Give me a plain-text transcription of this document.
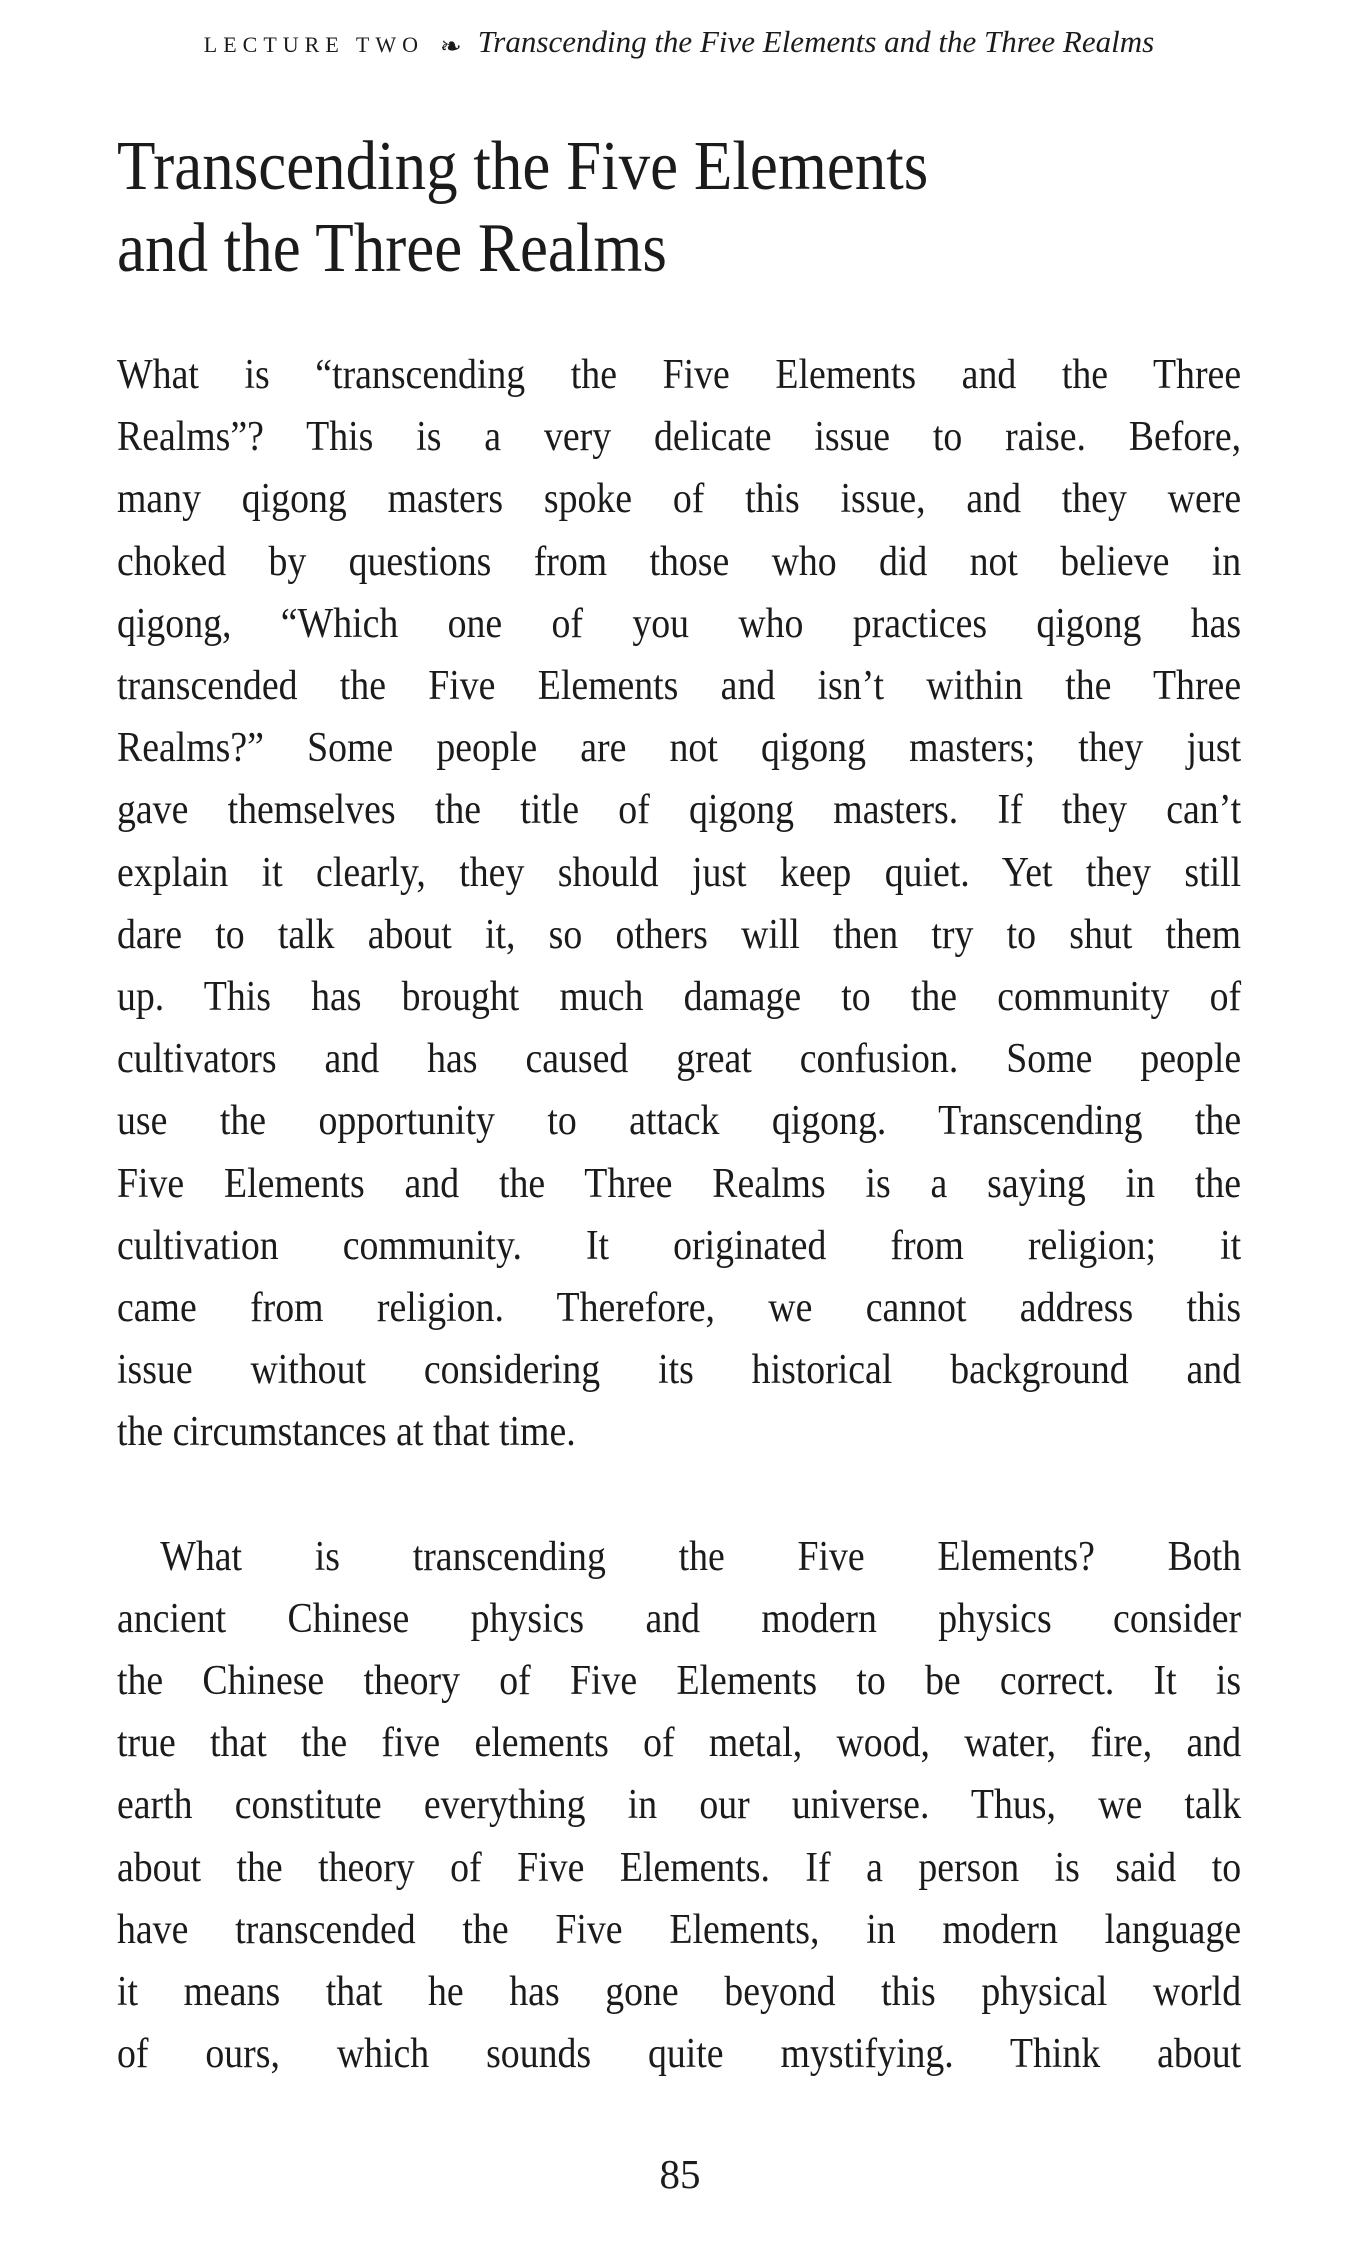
LECTURE TWO ❧ Transcending the Five Elements and the Three Realms
Transcending the Five Elements
and the Three Realms
What is “transcending the Five Elements and the Three
Realms”? This is a very delicate issue to raise. Before,
many qigong masters spoke of this issue, and they were
choked by questions from those who did not believe in
qigong, “Which one of you who practices qigong has
transcended the Five Elements and isn’t within the Three
Realms?” Some people are not qigong masters; they just
gave themselves the title of qigong masters. If they can’t
explain it clearly, they should just keep quiet. Yet they still
dare to talk about it, so others will then try to shut them
up. This has brought much damage to the community of
cultivators and has caused great confusion. Some people
use the opportunity to attack qigong. Transcending the
Five Elements and the Three Realms is a saying in the
cultivation community. It originated from religion; it
came from religion. Therefore, we cannot address this
issue without considering its historical background and
the circumstances at that time.
What is transcending the Five Elements? Both
ancient Chinese physics and modern physics consider
the Chinese theory of Five Elements to be correct. It is
true that the five elements of metal, wood, water, fire, and
earth constitute everything in our universe. Thus, we talk
about the theory of Five Elements. If a person is said to
have transcended the Five Elements, in modern language
it means that he has gone beyond this physical world
of ours, which sounds quite mystifying. Think about
85
